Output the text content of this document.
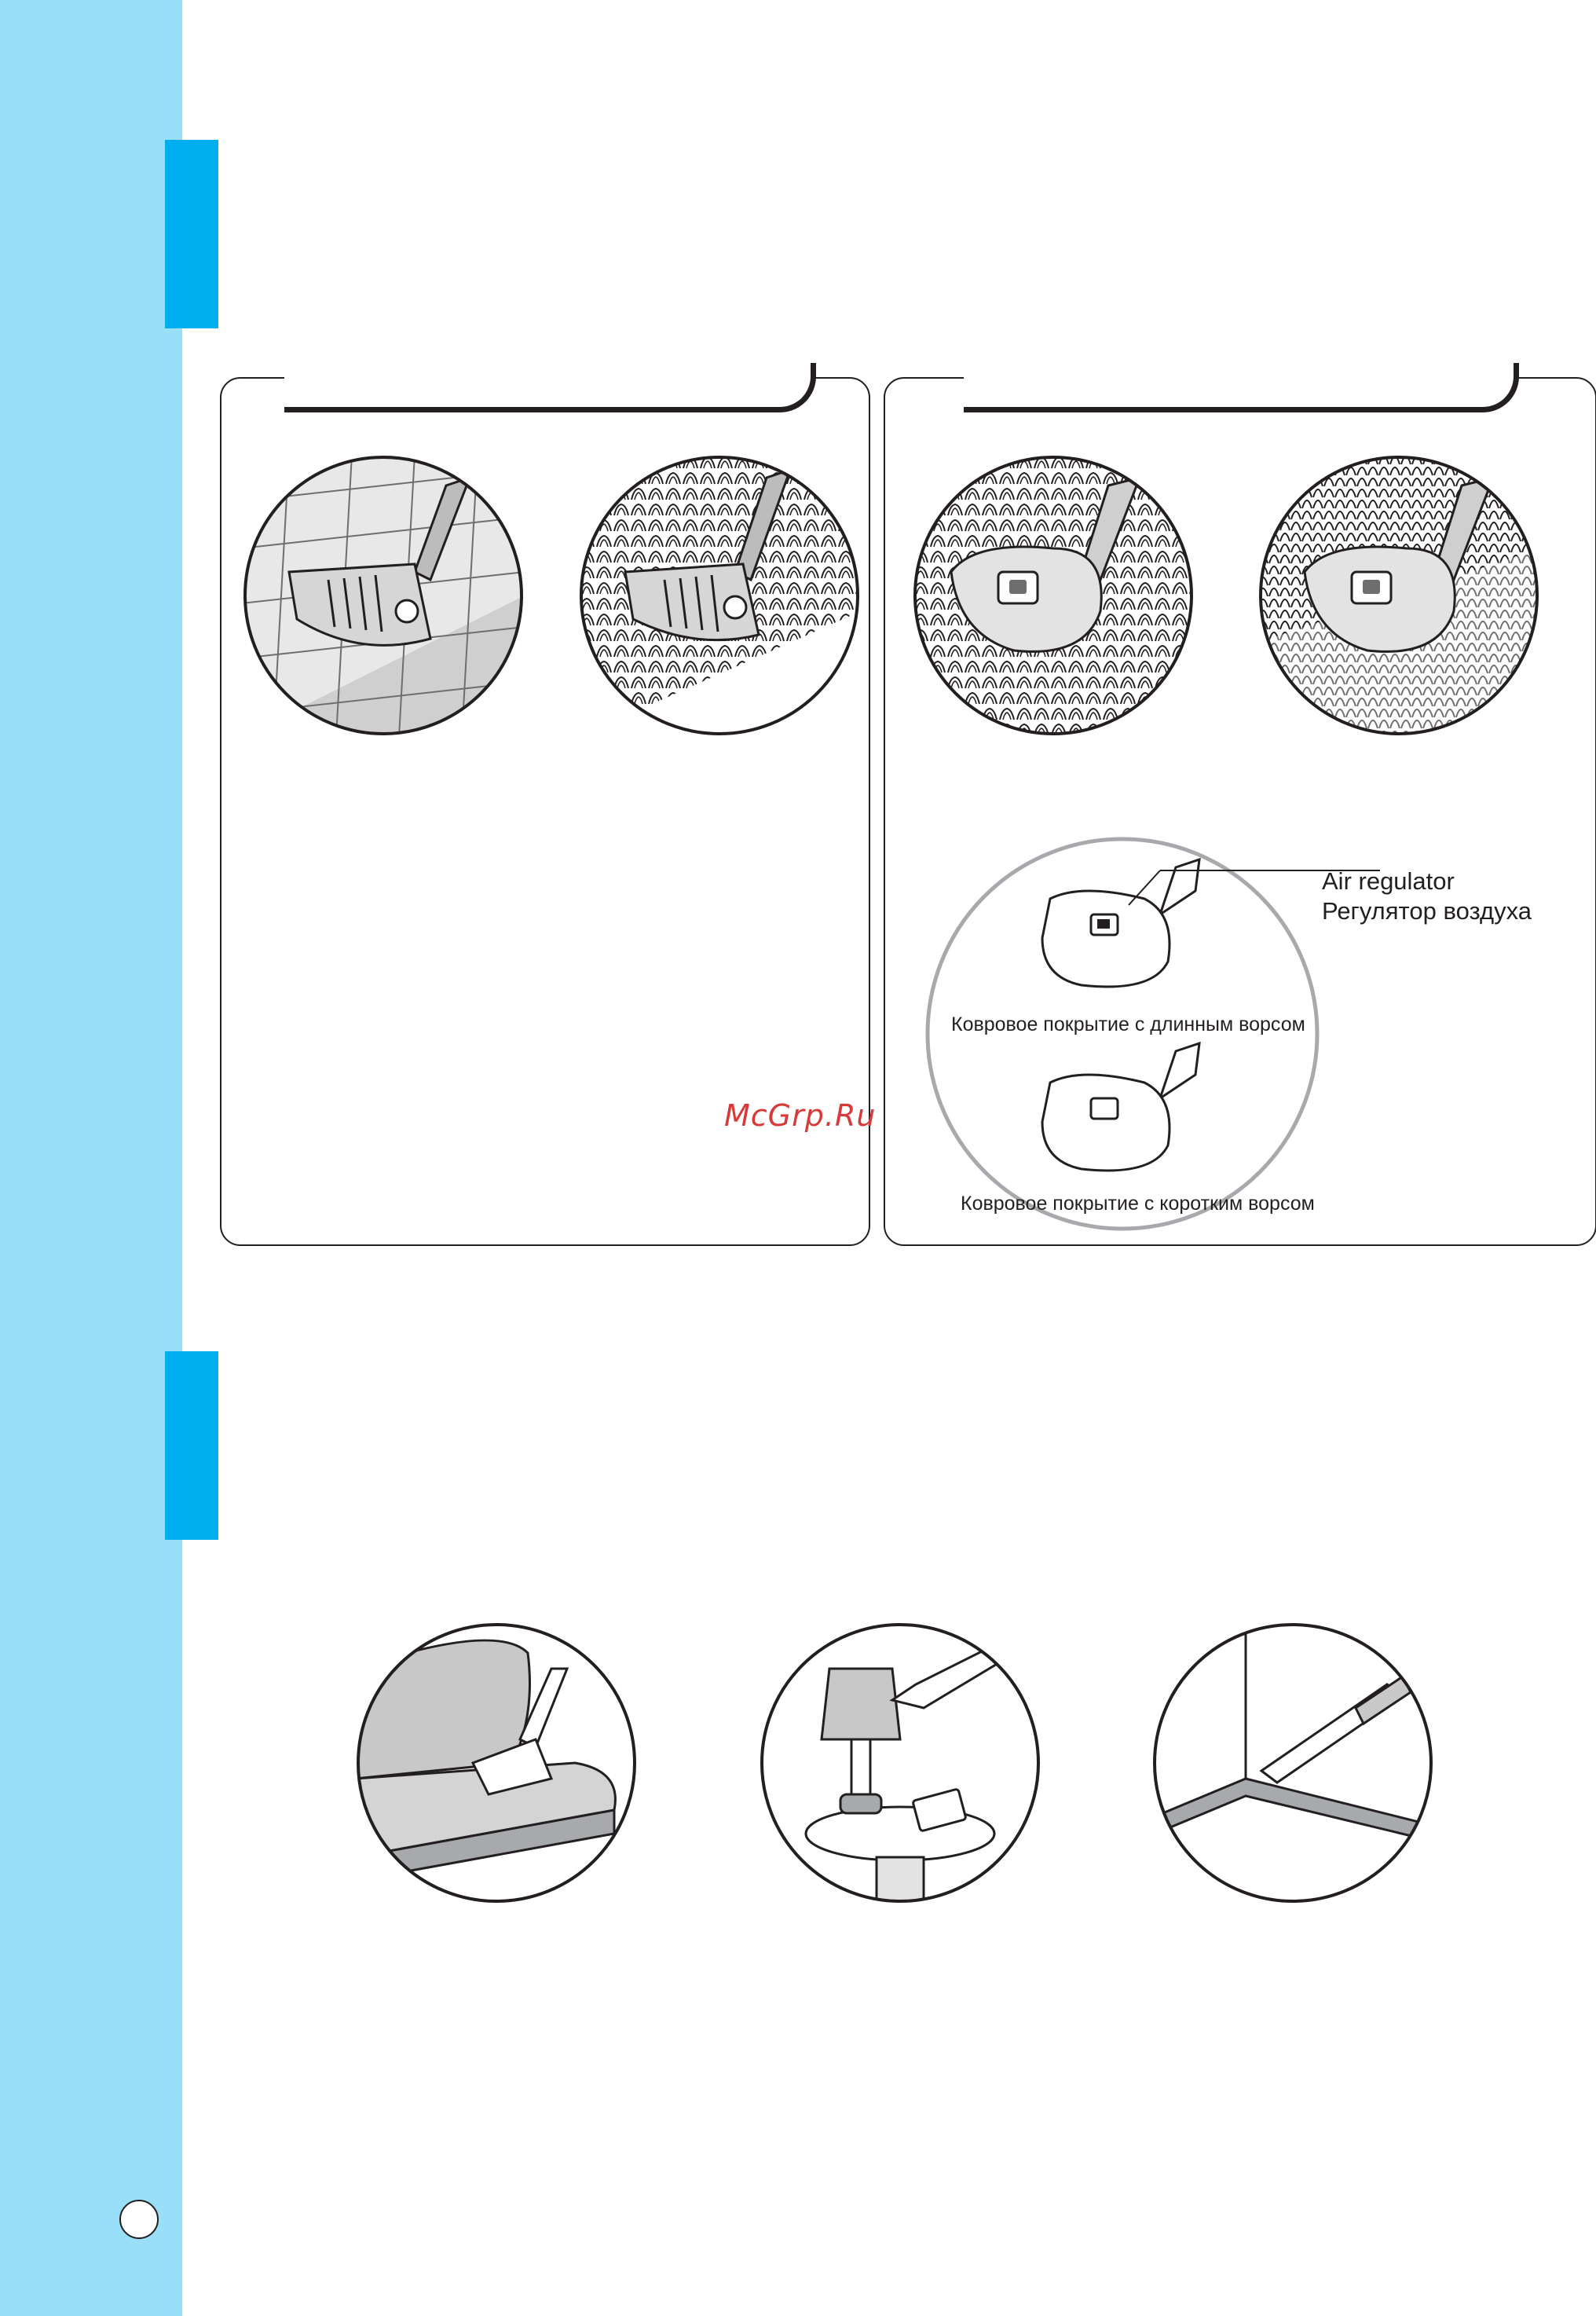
Air regulator
Регулятор воздуха
Ковровое покрытие с длинным ворсом
Ковровое покрытие с коротким ворсом
McGrp.Ru
